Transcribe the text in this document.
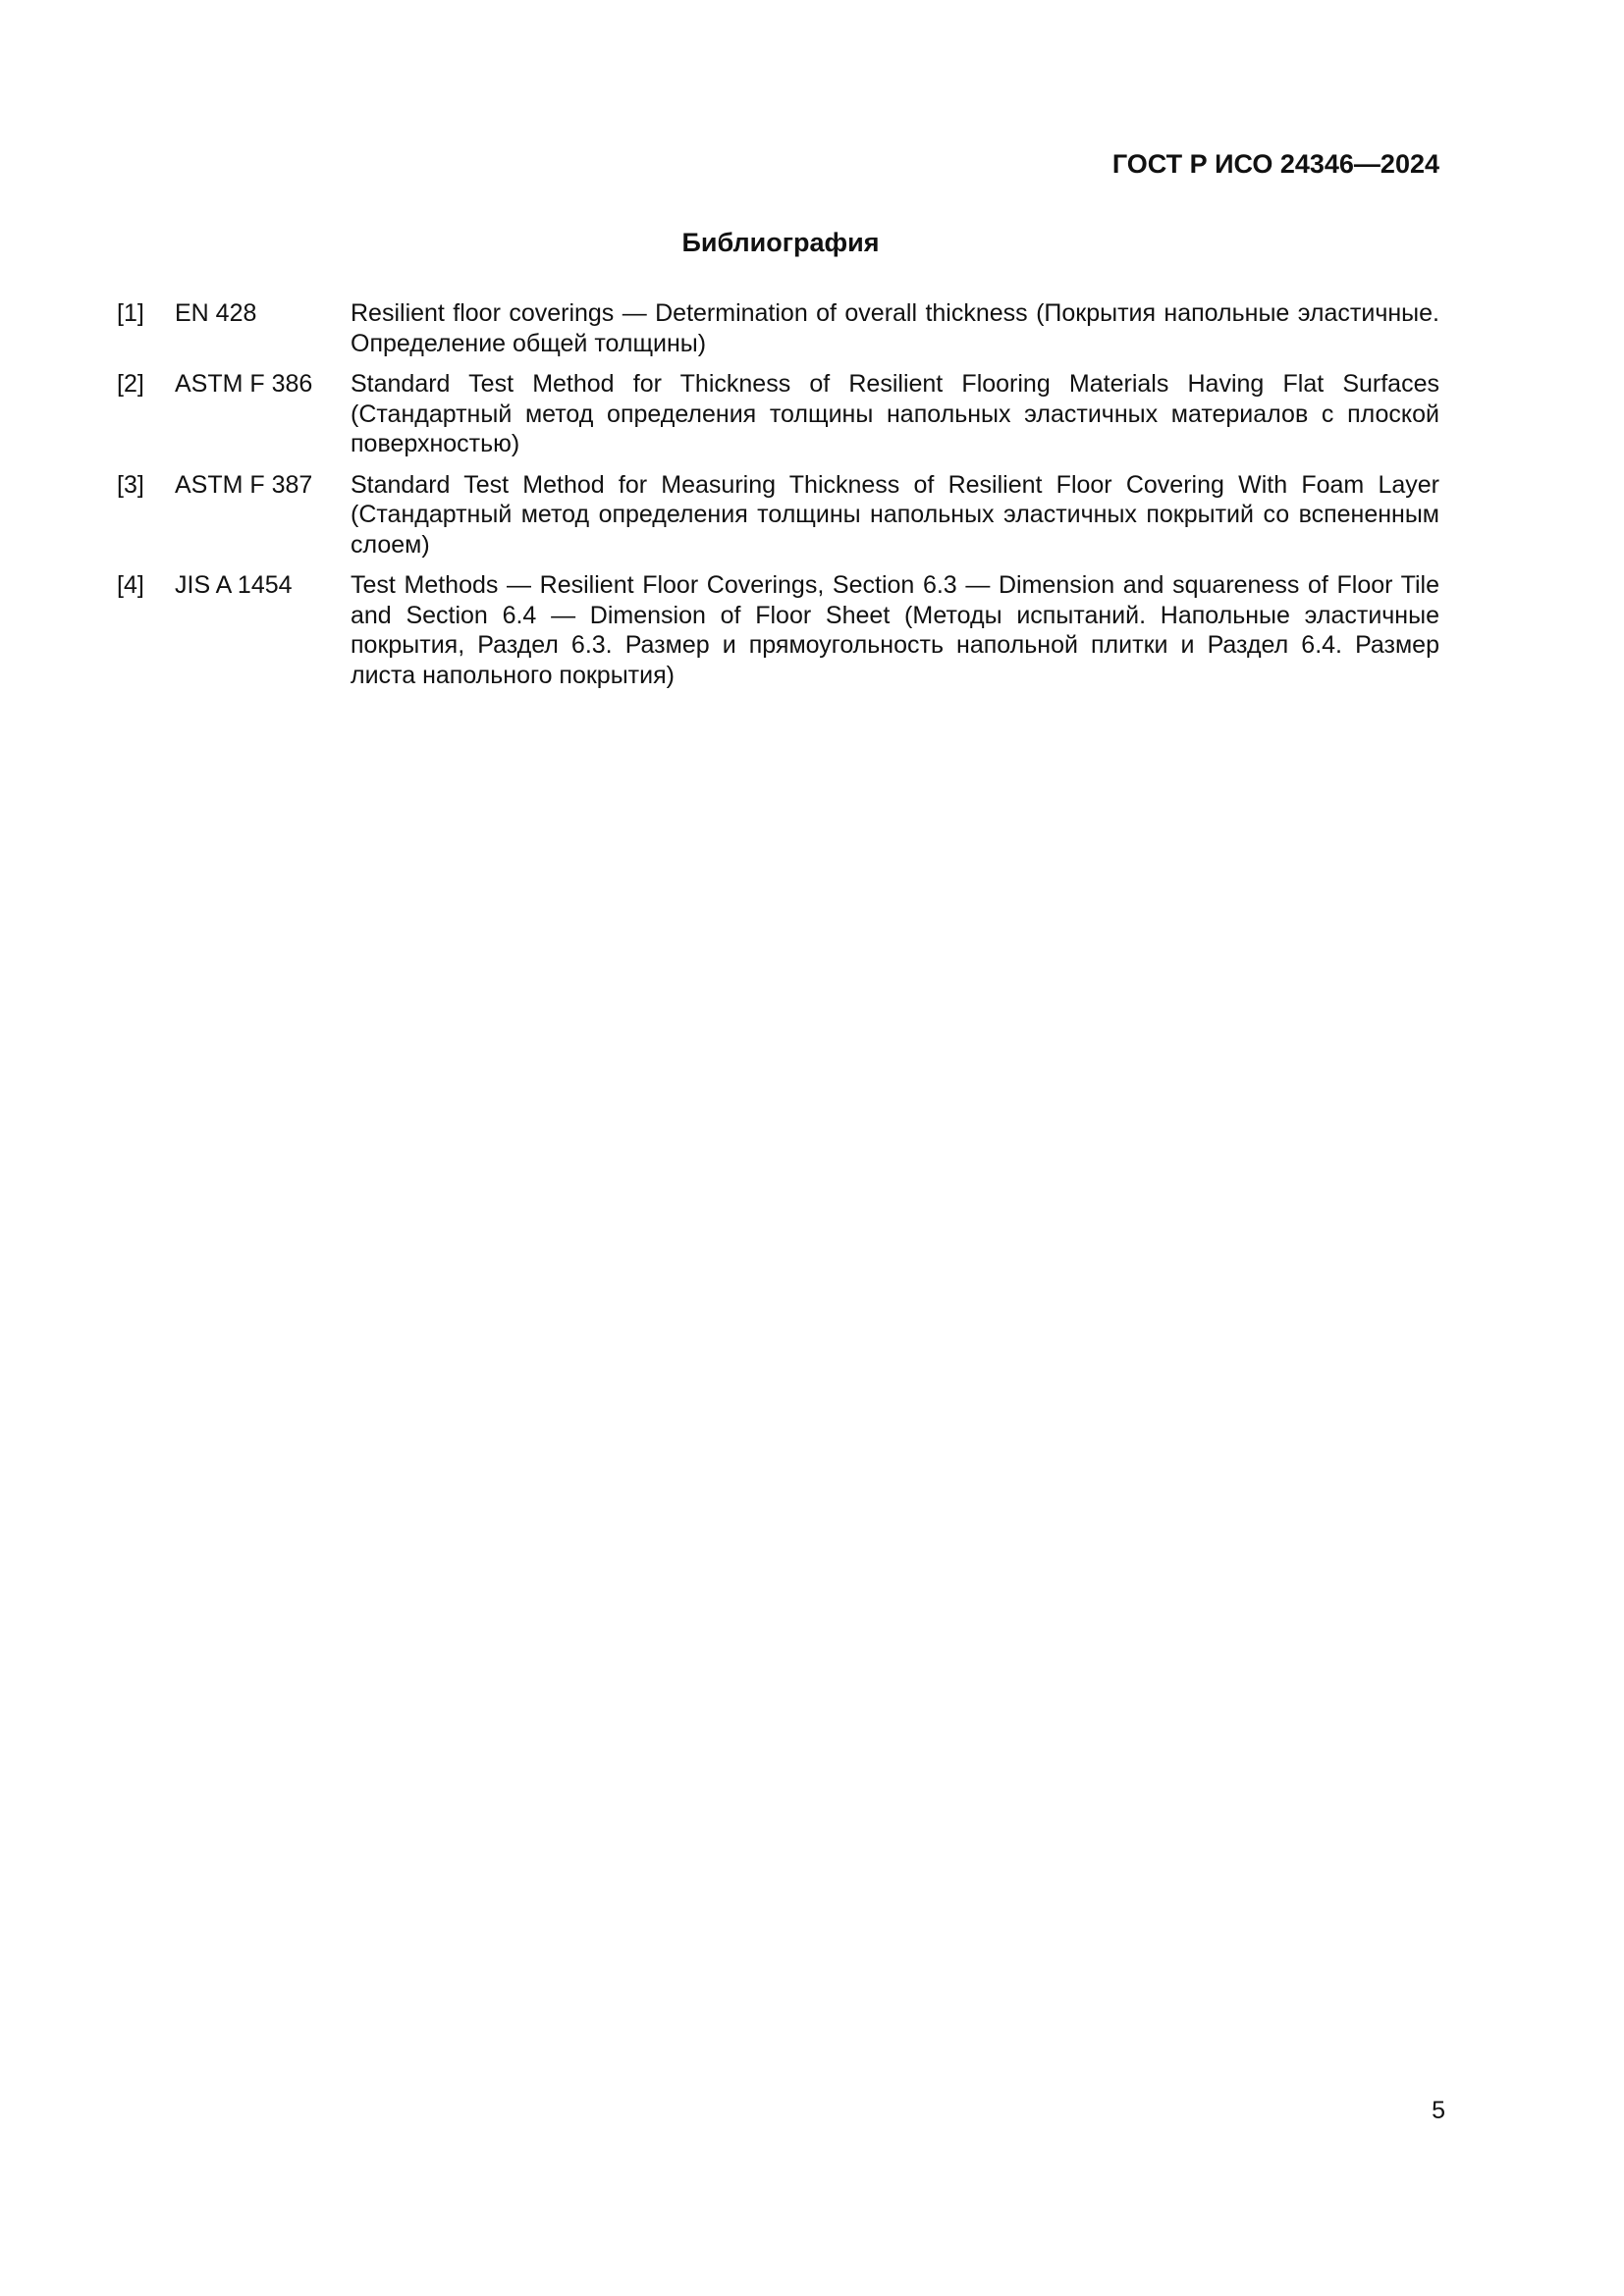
ГОСТ Р ИСО 24346—2024
Библиография
[1]	EN 428	Resilient floor coverings — Determination of overall thickness (Покрытия напольные эластичные. Определение общей толщины)
[2]	ASTM F 386	Standard Test Method for Thickness of Resilient Flooring Materials Having Flat Surfaces (Стандартный метод определения толщины напольных эластичных материалов с плоской поверхностью)
[3]	ASTM F 387	Standard Test Method for Measuring Thickness of Resilient Floor Covering With Foam Layer (Стандартный метод определения толщины напольных эластичных покрытий со вспененным слоем)
[4]	JIS A 1454	Test Methods — Resilient Floor Coverings, Section 6.3 — Dimension and squareness of Floor Tile and Section 6.4 — Dimension of Floor Sheet (Методы испытаний. Напольные эластичные покрытия, Раздел 6.3. Размер и прямоугольность напольной плитки и Раздел 6.4. Размер листа напольного покрытия)
5
